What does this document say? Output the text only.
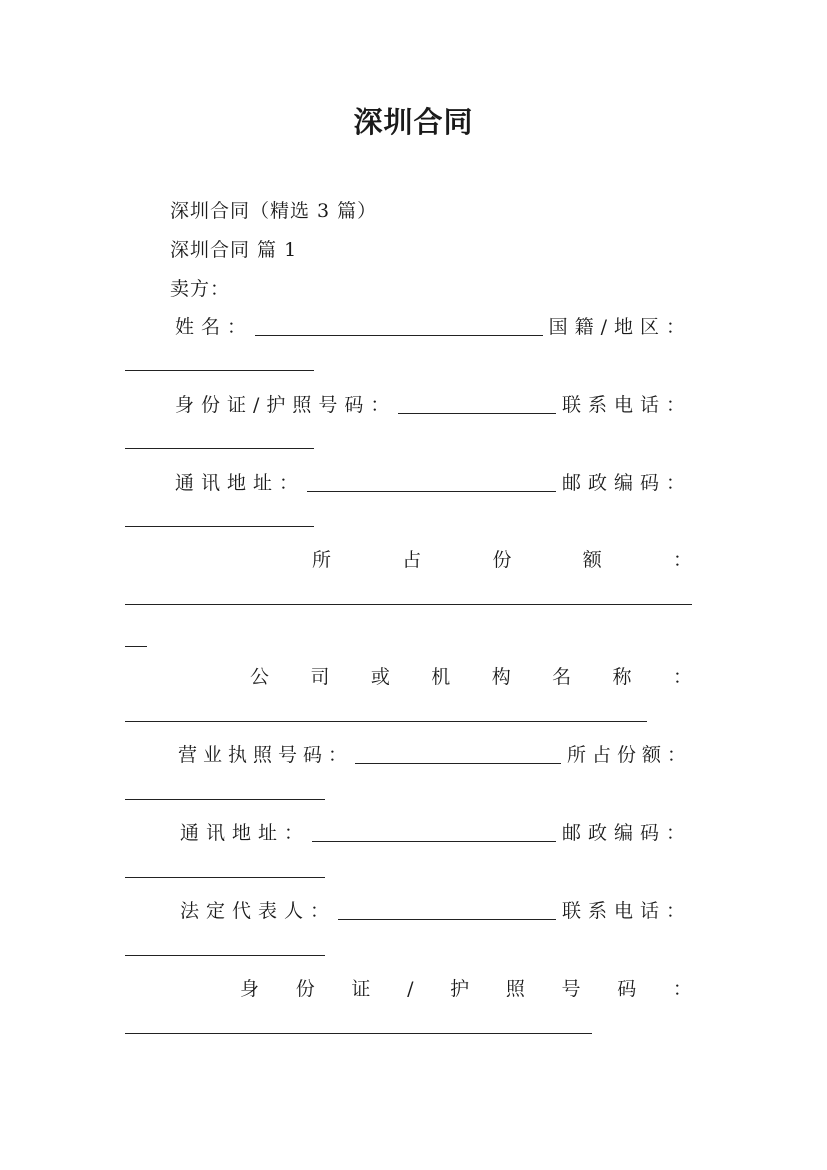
深圳合同
深圳合同（精选 3 篇）
深圳合同 篇 1
卖方：
姓名：	国籍/地区：
身份证/护照号码：	联系电话：
通讯地址：	邮政编码：
所	占	份	额	：
公 司 或 机 构 名 称 ：
营业执照号码：	所占份额：
通讯地址：	邮政编码：
法定代表人：	联系电话：
身 份 证 / 护 照 号 码 ：
